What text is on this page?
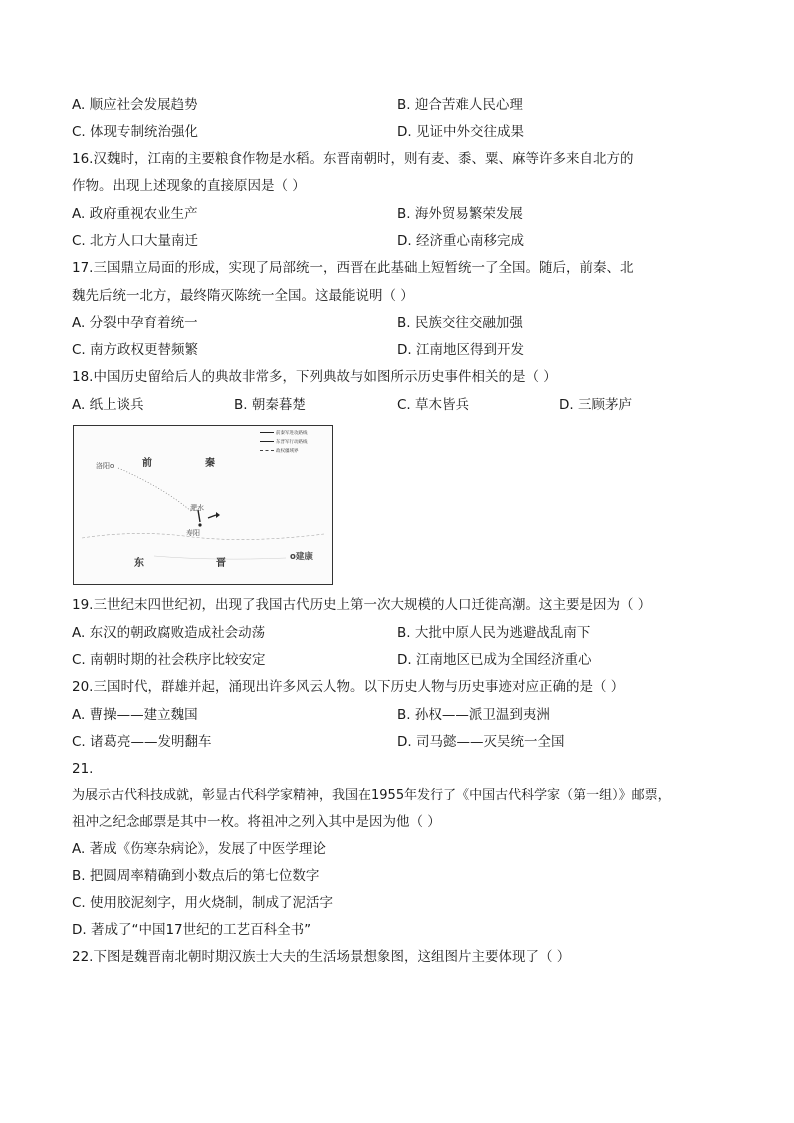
A. 顺应社会发展趋势	B. 迎合苦难人民心理
C. 体现专制统治强化	D. 见证中外交往成果
16.汉魏时，江南的主要粮食作物是水稻。东晋南朝时，则有麦、黍、粟、麻等许多来自北方的
作物。出现上述现象的直接原因是（ ）
A. 政府重视农业生产	B. 海外贸易繁荣发展
C. 北方人口大量南迁	D. 经济重心南移完成
17.三国鼎立局面的形成，实现了局部统一，西晋在此基础上短暂统一了全国。随后，前秦、北
魏先后统一北方，最终隋灭陈统一全国。这最能说明（ ）
A. 分裂中孕育着统一	B. 民族交往交融加强
C. 南方政权更替频繁	D. 江南地区得到开发
18.中国历史留给后人的典故非常多，下列典故与如图所示历史事件相关的是（ ）
A. 纸上谈兵	B. 朝秦暮楚	C. 草木皆兵	D. 三顾茅庐
前秦军进攻路线
东晋军行动路线
政权疆域界
前	秦
东	晋
洛阳o
淝水
寿阳
o建康
19.三世纪末四世纪初，出现了我国古代历史上第一次大规模的人口迁徙高潮。这主要是因为（ ）
A. 东汉的朝政腐败造成社会动荡	B. 大批中原人民为逃避战乱南下
C. 南朝时期的社会秩序比较安定	D. 江南地区已成为全国经济重心
20.三国时代，群雄并起，涌现出许多风云人物。以下历史人物与历史事迹对应正确的是（ ）
A. 曹操——建立魏国	B. 孙权——派卫温到夷洲
C. 诸葛亮——发明翻车	D. 司马懿——灭吴统一全国
21.
为展示古代科技成就，彰显古代科学家精神，我国在1955年发行了《中国古代科学家（第一组）》邮票，
祖冲之纪念邮票是其中一枚。将祖冲之列入其中是因为他（ ）
A. 著成《伤寒杂病论》，发展了中医学理论
B. 把圆周率精确到小数点后的第七位数字
C. 使用胶泥刻字，用火烧制，制成了泥活字
D. 著成了“中国17世纪的工艺百科全书”
22.下图是魏晋南北朝时期汉族士大夫的生活场景想象图，这组图片主要体现了（ ）
